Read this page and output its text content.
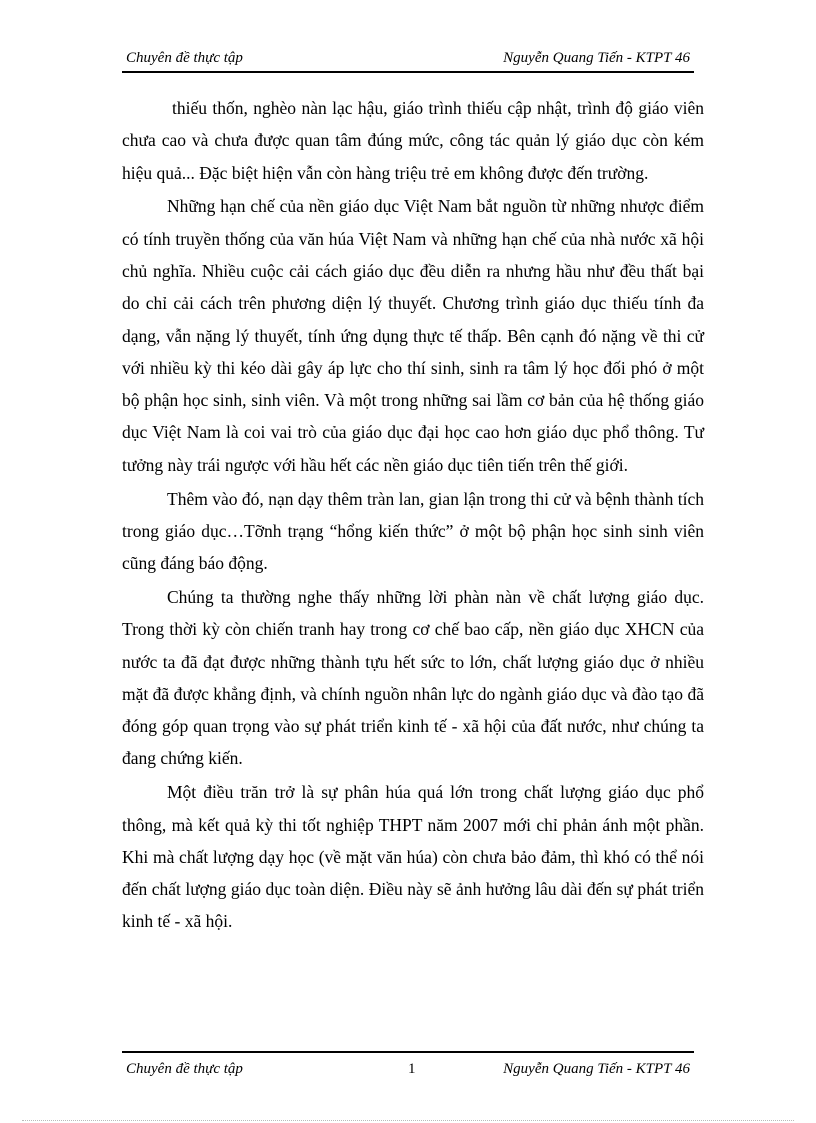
Chuyên đề thực tập	Nguyễn Quang Tiến - KTPT 46

thiếu thốn, nghèo nàn lạc hậu, giáo trình thiếu cập nhật, trình độ giáo viên chưa cao và chưa được quan tâm đúng mức, công tác quản lý giáo dục còn kém hiệu quả... Đặc biệt hiện vẫn còn hàng triệu trẻ em không được đến trường.

Những hạn chế của nền giáo dục Việt Nam bắt nguồn từ những nhược điểm có tính truyền thống của văn húa Việt Nam và những hạn chế của nhà nước xã hội chủ nghĩa. Nhiều cuộc cải cách giáo dục đều diễn ra nhưng hầu như đều thất bại do chỉ cải cách trên phương diện lý thuyết. Chương trình giáo dục thiếu tính đa dạng, vẫn nặng lý thuyết, tính ứng dụng thực tế thấp. Bên cạnh đó nặng về thi cử với nhiều kỳ thi kéo dài gây áp lực cho thí sinh, sinh ra tâm lý học đối phó ở một bộ phận học sinh, sinh viên. Và một trong những sai lầm cơ bản của hệ thống giáo dục Việt Nam là coi vai trò của giáo dục đại học cao hơn giáo dục phổ thông. Tư tưởng này trái ngược với hầu hết các nền giáo dục tiên tiến trên thế giới.

Thêm vào đó, nạn dạy thêm tràn lan, gian lận trong thi cử và bệnh thành tích trong giáo dục…Tỡnh trạng “hổng kiến thức” ở một bộ phận học sinh sinh viên cũng đáng báo động.

Chúng ta thường nghe thấy những lời phàn nàn về chất lượng giáo dục. Trong thời kỳ còn chiến tranh hay trong cơ chế bao cấp, nền giáo dục XHCN của nước ta đã đạt được những thành tựu hết sức to lớn, chất lượng giáo dục ở nhiều mặt đã được khẳng định, và chính nguồn nhân lực do ngành giáo dục và đào tạo đã đóng góp quan trọng vào sự phát triển kinh tế - xã hội của đất nước, như chúng ta đang chứng kiến.

Một điều trăn trở là sự phân húa quá lớn trong chất lượng giáo dục phổ thông, mà kết quả kỳ thi tốt nghiệp THPT năm 2007 mới chỉ phản ánh một phần. Khi mà chất lượng dạy học (về mặt văn húa) còn chưa bảo đảm, thì khó có thể nói đến chất lượng giáo dục toàn diện. Điều này sẽ ảnh hưởng lâu dài đến sự phát triển kinh tế - xã hội.

Chuyên đề thực tập	1	Nguyễn Quang Tiến - KTPT 46
